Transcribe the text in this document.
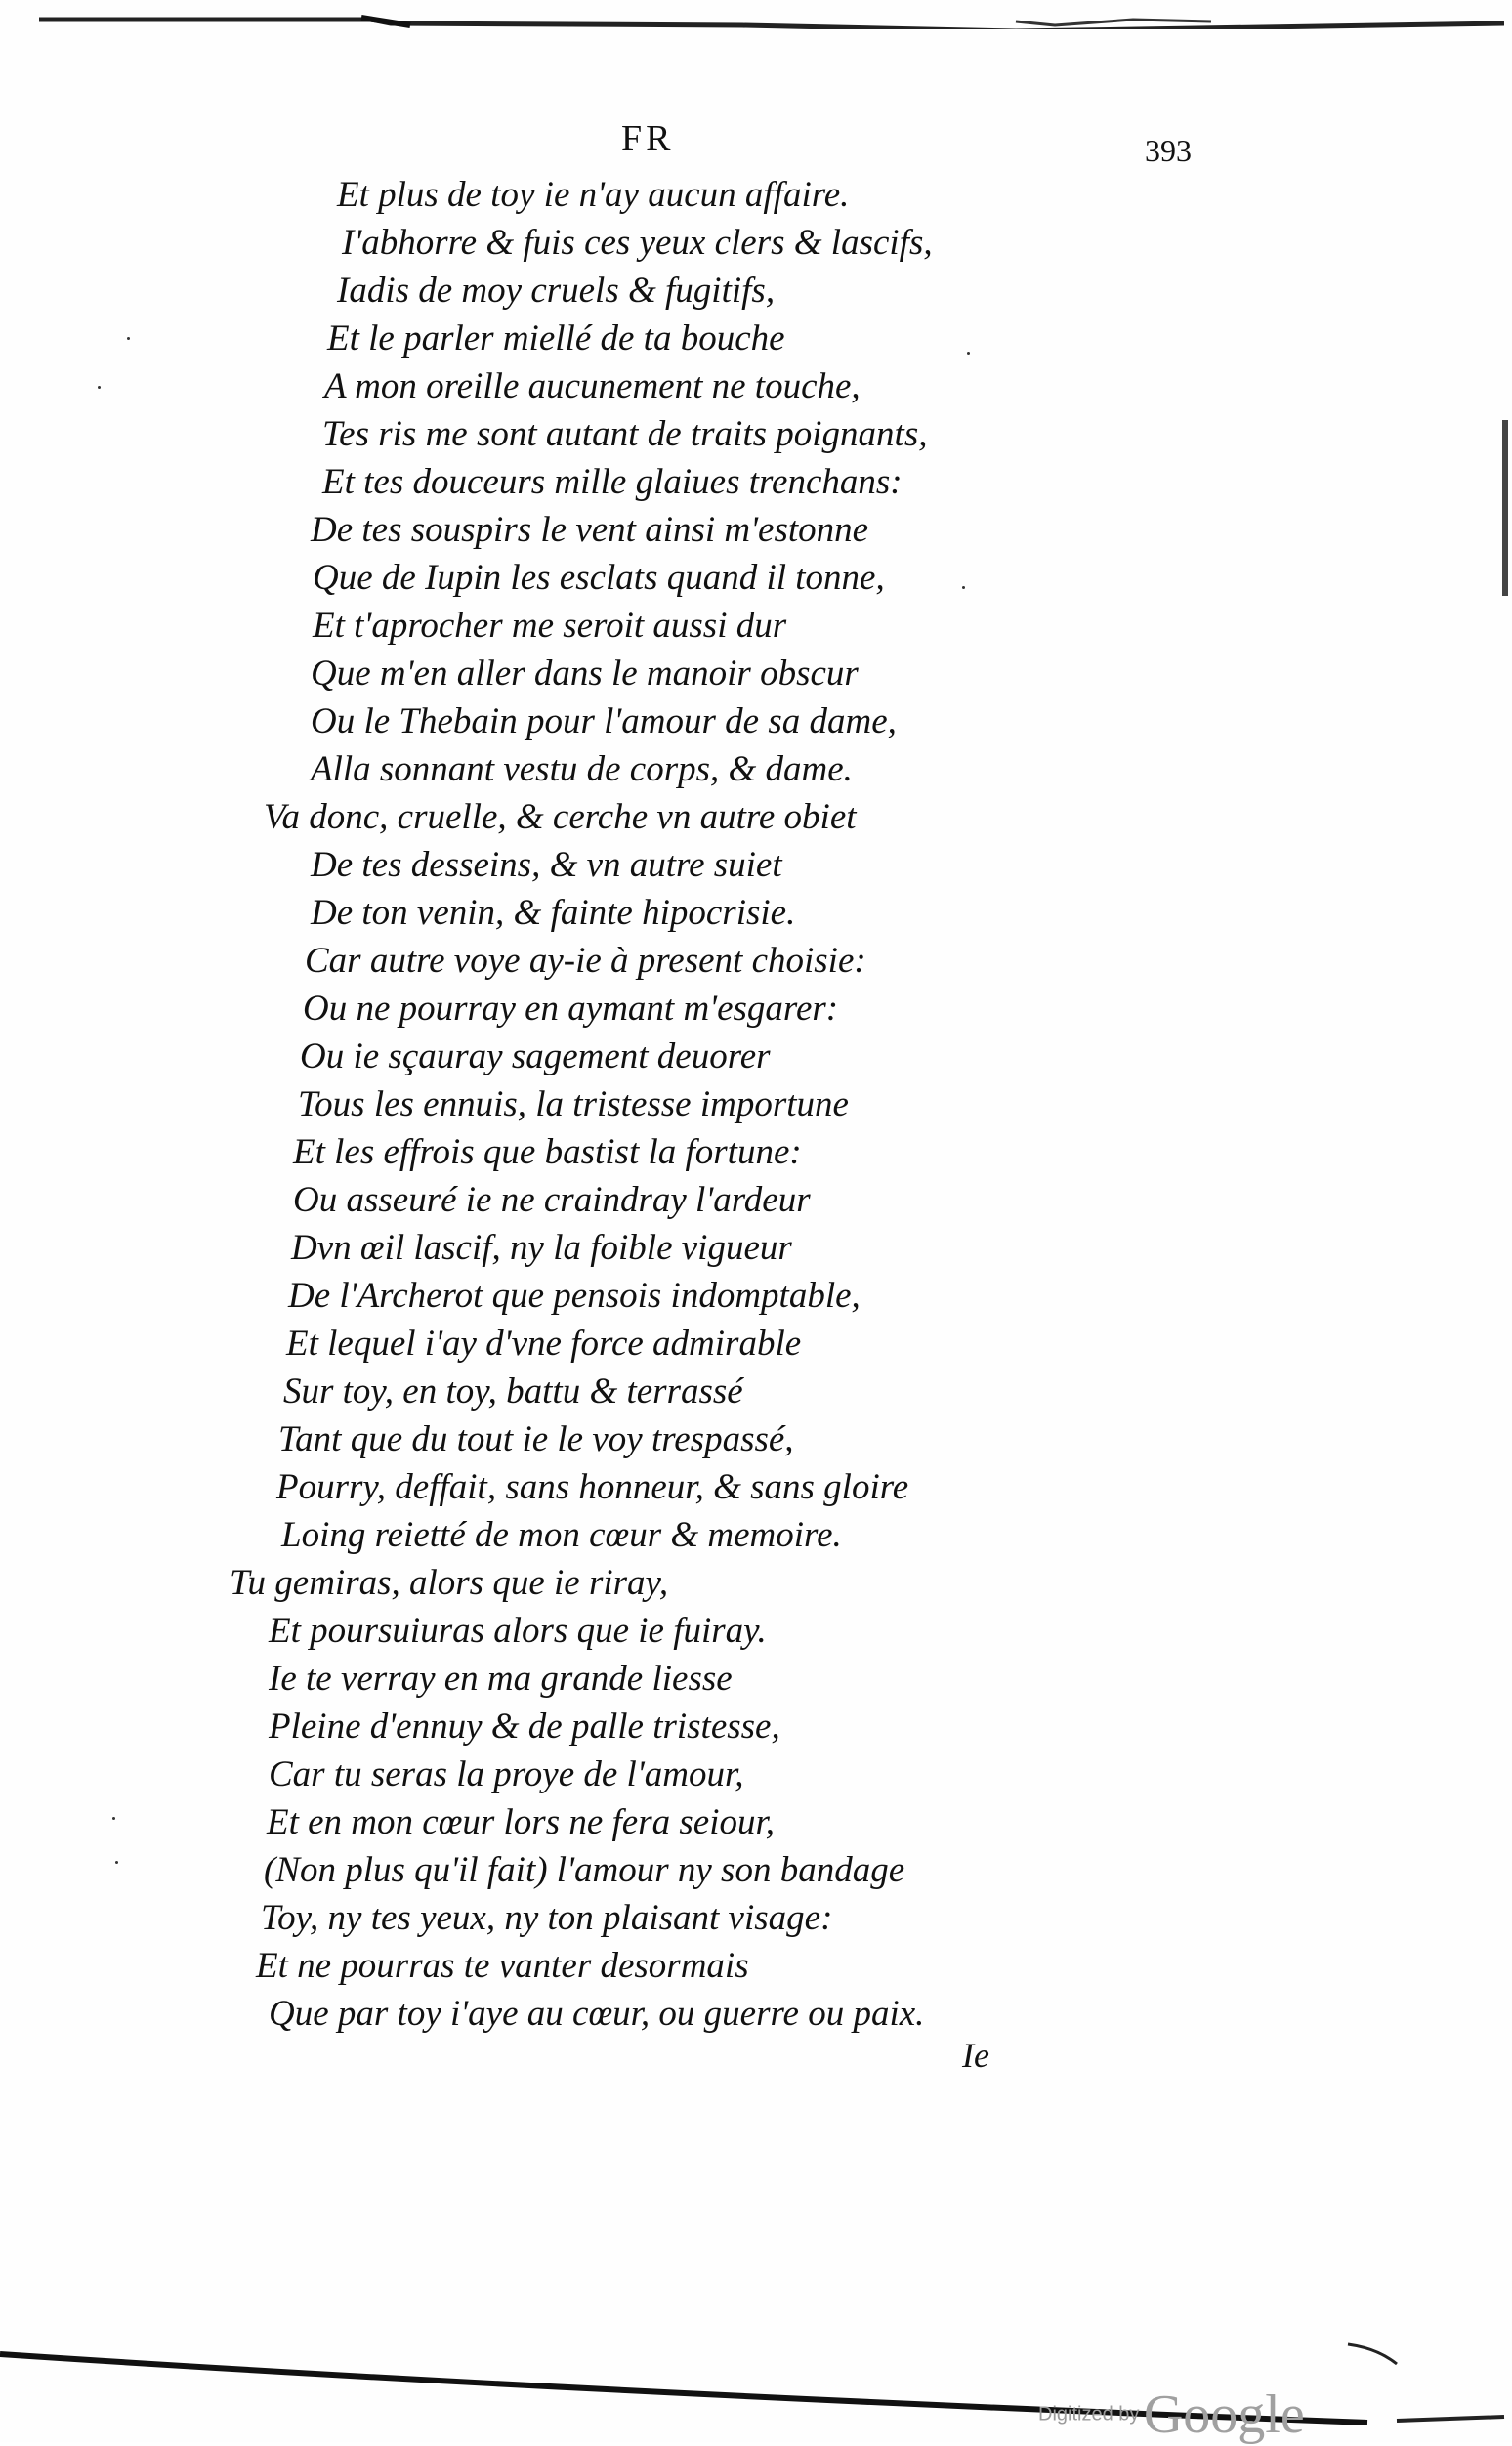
FR	393
Et plus de toy ie n'ay aucun affaire.
I'abhorre & fuis ces yeux clers & lascifs,
Iadis de moy cruels & fugitifs,
Et le parler miellé de ta bouche
A mon oreille aucunement ne touche,
Tes ris me sont autant de traits poignants,
Et tes douceurs mille glaiues trenchans:
De tes souspirs le vent ainsi m'estonne
Que de Iupin les esclats quand il tonne,
Et t'aprocher me seroit aussi dur
Que m'en aller dans le manoir obscur
Ou le Thebain pour l'amour de sa dame,
Alla sonnant vestu de corps, & dame.
Va donc, cruelle, & cerche vn autre obiet
De tes desseins, & vn autre suiet
De ton venin, & fainte hipocrisie.
Car autre voye ay-ie à present choisie:
Ou ne pourray en aymant m'esgarer:
Ou ie sçauray sagement deuorer
Tous les ennuis, la tristesse importune
Et les effrois que bastist la fortune:
Ou asseuré ie ne craindray l'ardeur
Dvn œil lascif, ny la foible vigueur
De l'Archerot que pensois indomptable,
Et lequel i'ay d'vne force admirable
Sur toy, en toy, battu & terrassé
Tant que du tout ie le voy trespassé,
Pourry, deffait, sans honneur, & sans gloire
Loing reietté de mon cœur & memoire.
Tu gemiras, alors que ie riray,
Et poursuiuras alors que ie fuiray.
Ie te verray en ma grande liesse
Pleine d'ennuy & de palle tristesse,
Car tu seras la proye de l'amour,
Et en mon cœur lors ne fera seiour,
(Non plus qu'il fait) l'amour ny son bandage
Toy, ny tes yeux, ny ton plaisant visage:
Et ne pourras te vanter desormais
Que par toy i'aye au cœur, ou guerre ou paix.
Ie
Digitized by Google
